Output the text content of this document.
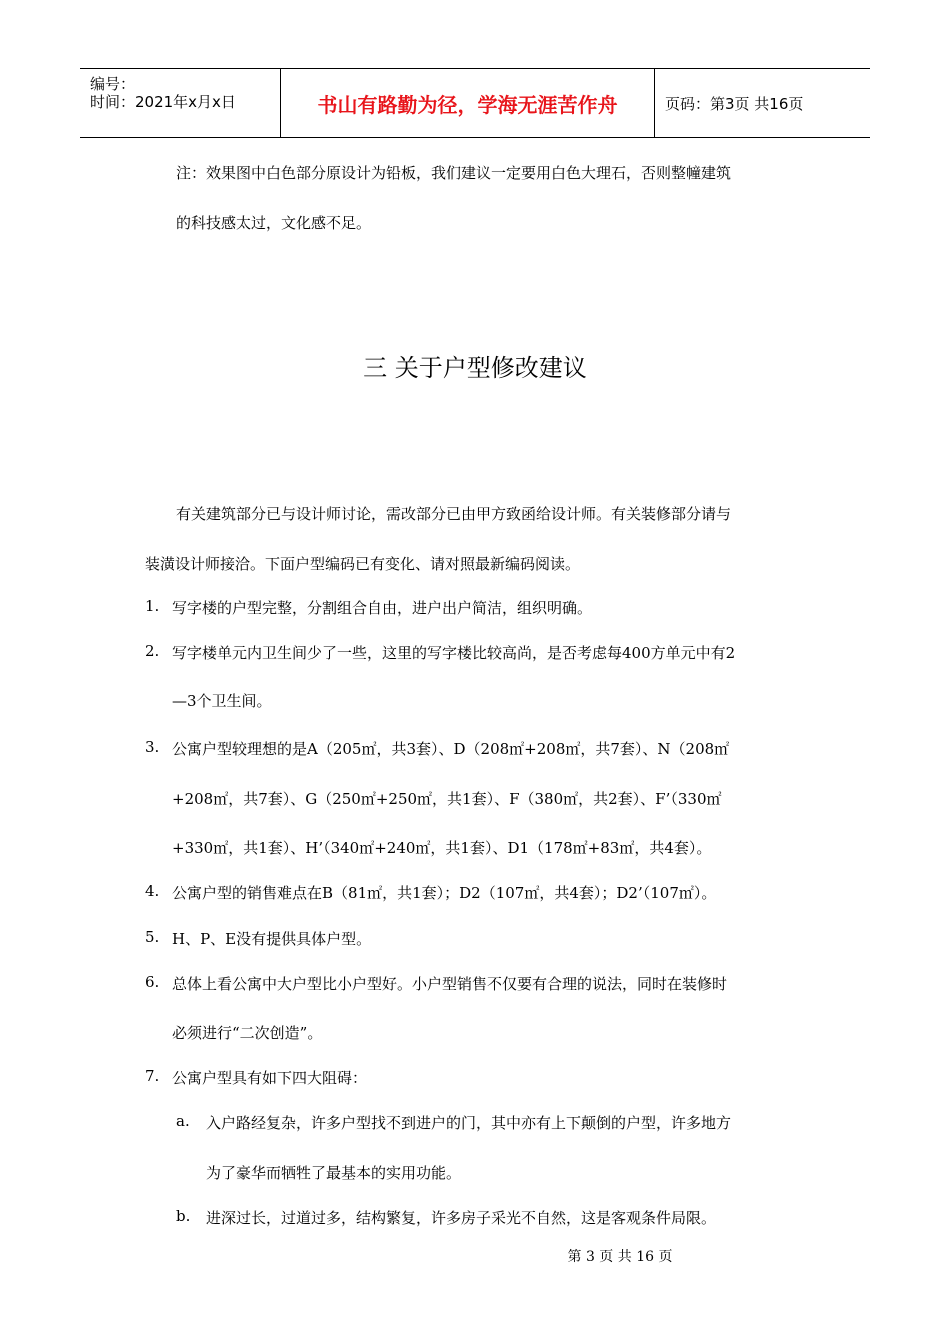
编号：
时间：2021年x月x日	书山有路勤为径，学海无涯苦作舟	页码：第3页 共16页
注：效果图中白色部分原设计为铅板，我们建议一定要用白色大理石，否则整幢建筑
的科技感太过，文化感不足。
三 关于户型修改建议
有关建筑部分已与设计师讨论，需改部分已由甲方致函给设计师。有关装修部分请与
装潢设计师接洽。下面户型编码已有变化、请对照最新编码阅读。
1. 写字楼的户型完整，分割组合自由，进户出户简洁，组织明确。
2. 写字楼单元内卫生间少了一些，这里的写字楼比较高尚，是否考虑每400方单元中有2
—3个卫生间。
3. 公寓户型较理想的是A（205㎡，共3套）、D（208㎡+208㎡，共7套）、N（208㎡
+208㎡，共7套）、G（250㎡+250㎡，共1套）、F（380㎡，共2套）、F’（330㎡
+330㎡，共1套）、H’（340㎡+240㎡，共1套）、D1（178㎡+83㎡，共4套）。
4. 公寓户型的销售难点在B（81㎡，共1套）；D2（107㎡，共4套）；D2’（107㎡）。
5. H、P、E没有提供具体户型。
6. 总体上看公寓中大户型比小户型好。小户型销售不仅要有合理的说法，同时在装修时
必须进行“二次创造”。
7. 公寓户型具有如下四大阻碍：
a. 入户路经复杂，许多户型找不到进户的门，其中亦有上下颠倒的户型，许多地方
为了豪华而牺牲了最基本的实用功能。
b. 进深过长，过道过多，结构繁复，许多房子采光不自然，这是客观条件局限。
第 3 页 共 16 页
